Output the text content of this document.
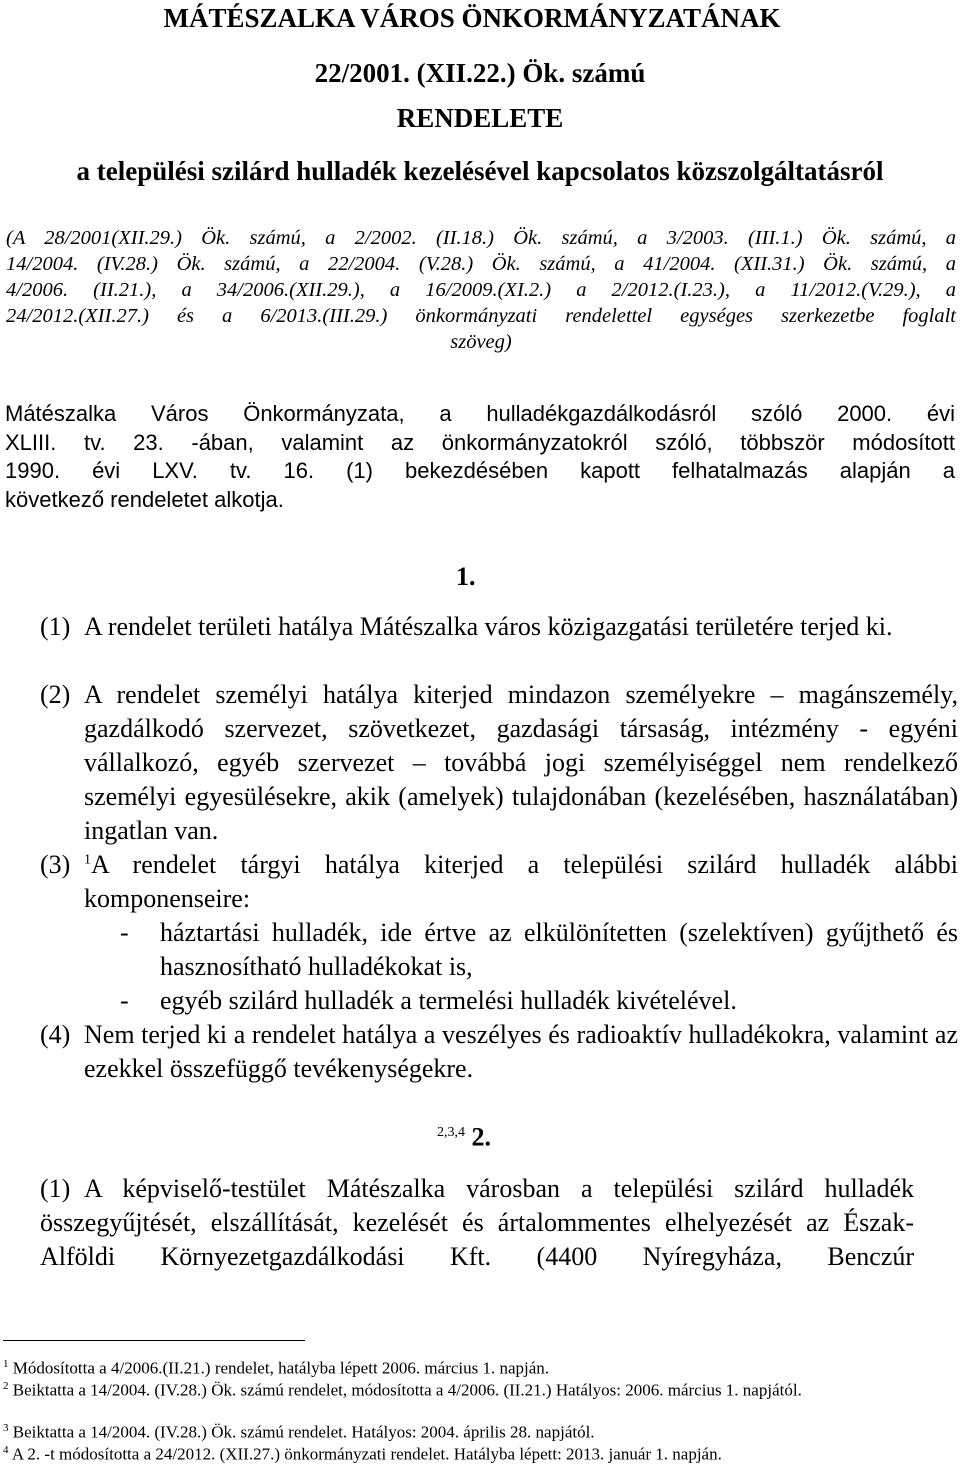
MÁTÉSZALKA VÁROS ÖNKORMÁNYZATÁNAK
22/2001. (XII.22.) Ök. számú
RENDELETE
a települési szilárd hulladék kezelésével kapcsolatos közszolgáltatásról
(A 28/2001(XII.29.) Ök. számú, a 2/2002. (II.18.) Ök. számú, a 3/2003. (III.1.) Ök. számú, a
14/2004. (IV.28.) Ök. számú, a 22/2004. (V.28.) Ök. számú, a 41/2004. (XII.31.) Ök. számú, a
4/2006. (II.21.), a 34/2006.(XII.29.), a 16/2009.(XI.2.) a 2/2012.(I.23.), a 11/2012.(V.29.), a
24/2012.(XII.27.) és a 6/2013.(III.29.) önkormányzati rendelettel egységes szerkezetbe foglalt
szöveg)
Mátészalka Város Önkormányzata, a hulladékgazdálkodásról szóló 2000. évi
XLIII. tv. 23. -ában, valamint az önkormányzatokról szóló, többször módosított
1990. évi LXV. tv. 16. (1) bekezdésében kapott felhatalmazás alapján a
következő rendeletet alkotja.
1.
(1) A rendelet területi hatálya Mátészalka város közigazgatási területére terjed ki.
(2) A rendelet személyi hatálya kiterjed mindazon személyekre – magánszemély, gazdálkodó szervezet, szövetkezet, gazdasági társaság, intézmény - egyéni vállalkozó, egyéb szervezet – továbbá jogi személyiséggel nem rendelkező személyi egyesülésekre, akik (amelyek) tulajdonában (kezelésében, használatában) ingatlan van.
(3) $^1$A rendelet tárgyi hatálya kiterjed a települési szilárd hulladék alábbi komponenseire:
- háztartási hulladék, ide értve az elkülönítetten (szelektíven) gyűjthető és hasznosítható hulladékokat is,
- egyéb szilárd hulladék a termelési hulladék kivételével.
(4) Nem terjed ki a rendelet hatálya a veszélyes és radioaktív hulladékokra, valamint az ezekkel összefüggő tevékenységekre.
$^{2,3,4}$ 2.
(1) A képviselő-testület Mátészalka városban a települési szilárd hulladék összegyűjtését, elszállítását, kezelését és ártalommentes elhelyezését az Észak-Alföldi Környezetgazdálkodási Kft. (4400 Nyíregyháza, Benczúr
$^1$ Módosította a 4/2006.(II.21.) rendelet, hatályba lépett 2006. március 1. napján.
$^2$ Beiktatta a 14/2004. (IV.28.) Ök. számú rendelet, módosította a 4/2006. (II.21.) Hatályos: 2006. március 1. napjától.
$^3$ Beiktatta a 14/2004. (IV.28.) Ök. számú rendelet. Hatályos: 2004. április 28. napjától.
$^4$ A 2. -t módosította a 24/2012. (XII.27.) önkormányzati rendelet. Hatályba lépett: 2013. január 1. napján.
